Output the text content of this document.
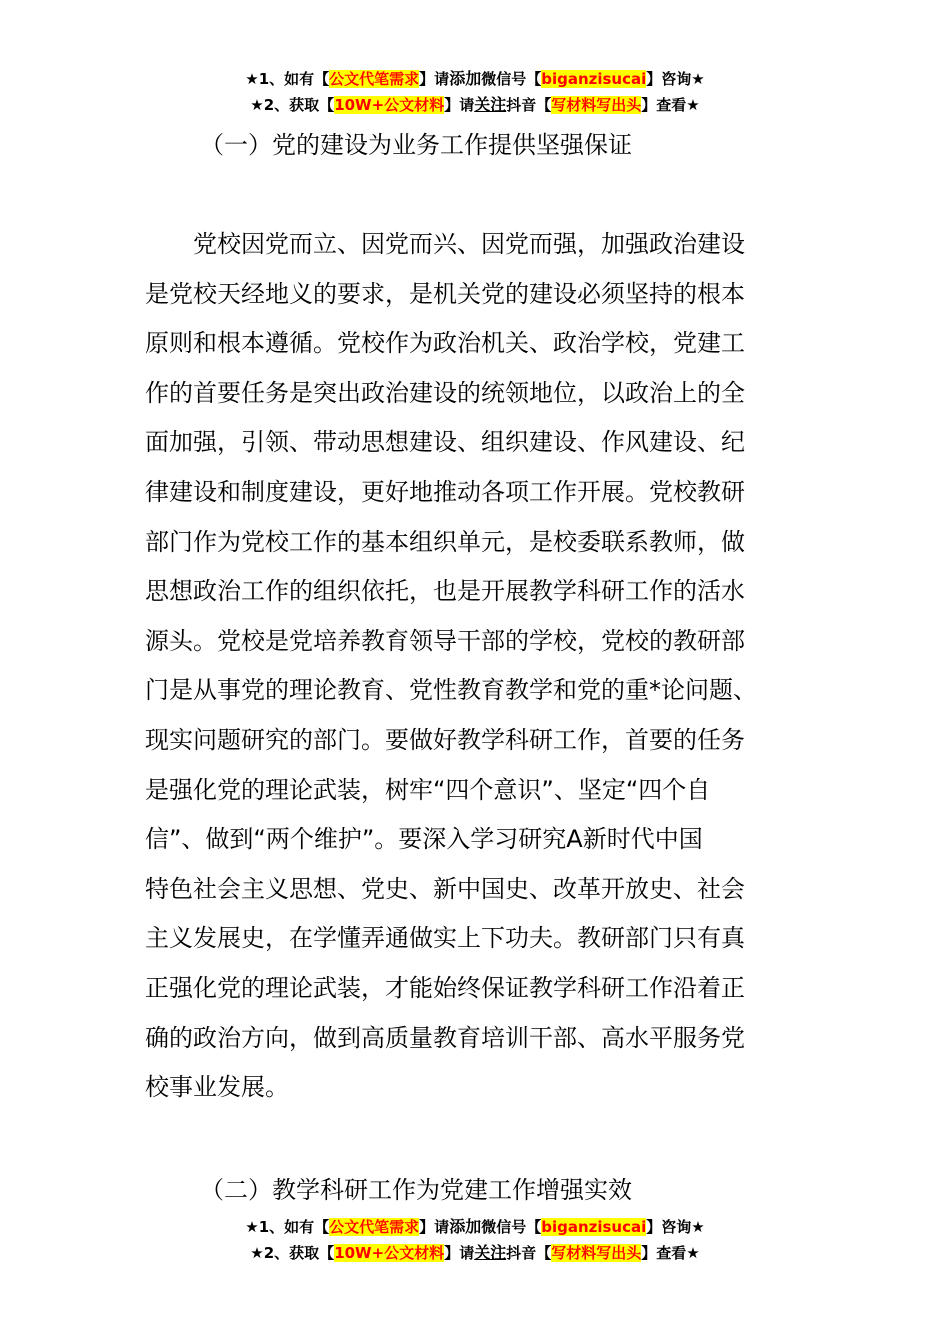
★1、如有【公文代笔需求】请添加微信号【biganzisucai】咨询★
★2、获取【10W+公文材料】请关注抖音【写材料写出头】查看★
（一）党的建设为业务工作提供坚强保证
　　党校因党而立、因党而兴、因党而强，加强政治建设
是党校天经地义的要求，是机关党的建设必须坚持的根本
原则和根本遵循。党校作为政治机关、政治学校，党建工
作的首要任务是突出政治建设的统领地位，以政治上的全
面加强，引领、带动思想建设、组织建设、作风建设、纪
律建设和制度建设，更好地推动各项工作开展。党校教研
部门作为党校工作的基本组织单元，是校委联系教师，做
思想政治工作的组织依托，也是开展教学科研工作的活水
源头。党校是党培养教育领导干部的学校，党校的教研部
门是从事党的理论教育、党性教育教学和党的重*论问题、
现实问题研究的部门。要做好教学科研工作，首要的任务
是强化党的理论武装，树牢“四个意识”、坚定“四个自
信”、做到“两个维护”。要深入学习研究A新时代中国
特色社会主义思想、党史、新中国史、改革开放史、社会
主义发展史，在学懂弄通做实上下功夫。教研部门只有真
正强化党的理论武装，才能始终保证教学科研工作沿着正
确的政治方向，做到高质量教育培训干部、高水平服务党
校事业发展。
（二）教学科研工作为党建工作增强实效
★1、如有【公文代笔需求】请添加微信号【biganzisucai】咨询★
★2、获取【10W+公文材料】请关注抖音【写材料写出头】查看★
